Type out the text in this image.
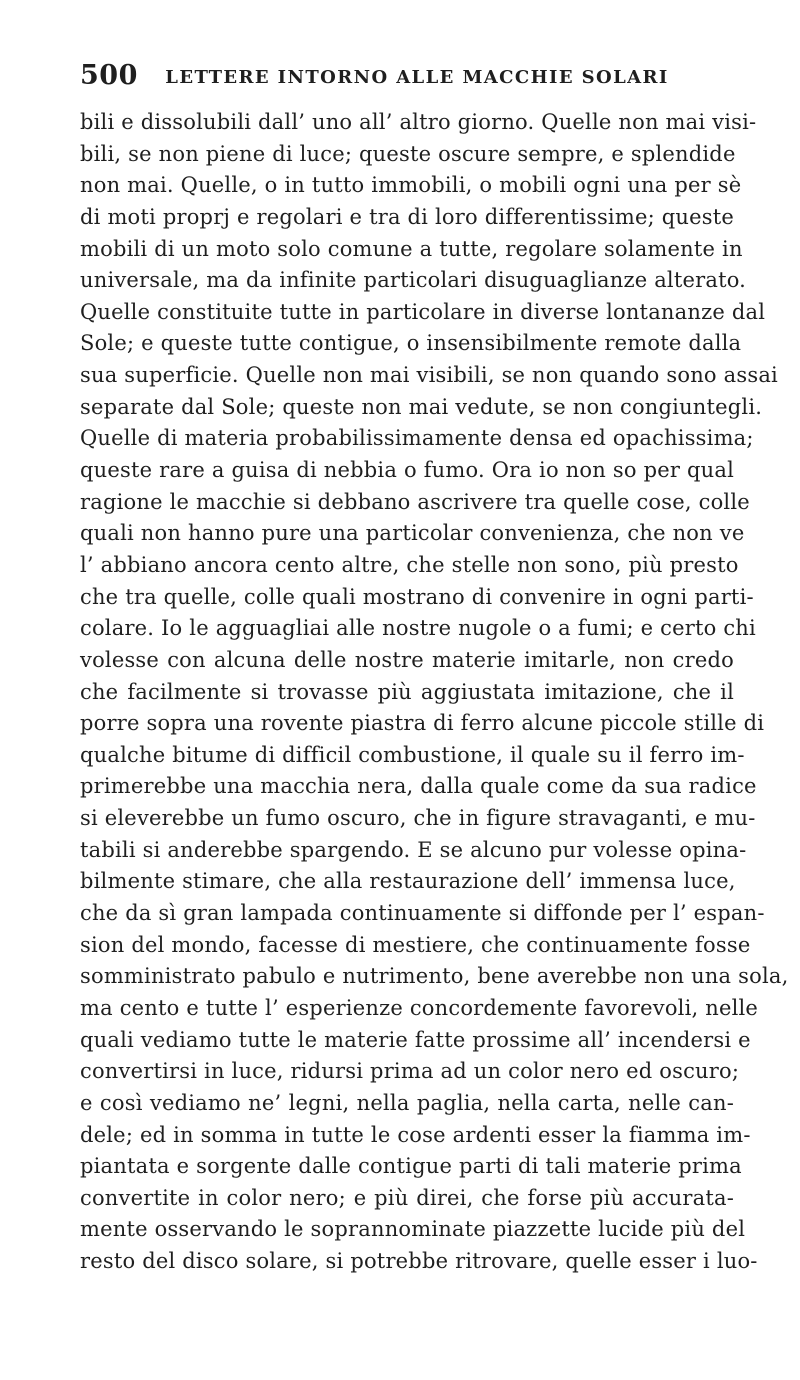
500	LETTERE INTORNO ALLE MACCHIE SOLARI
bili e dissolubili dall’ uno all’ altro giorno. Quelle non mai visi-
bili, se non piene di luce; queste oscure sempre, e splendide
non mai. Quelle, o in tutto immobili, o mobili ogni una per sè
di moti proprj e regolari e tra di loro differentissime; queste
mobili di un moto solo comune a tutte, regolare solamente in
universale, ma da infinite particolari disuguaglianze alterato.
Quelle constituite tutte in particolare in diverse lontananze dal
Sole; e queste tutte contigue, o insensibilmente remote dalla
sua superficie. Quelle non mai visibili, se non quando sono assai
separate dal Sole; queste non mai vedute, se non congiuntegli.
Quelle di materia probabilissimamente densa ed opachissima;
queste rare a guisa di nebbia o fumo. Ora io non so per qual
ragione le macchie si debbano ascrivere tra quelle cose, colle
quali non hanno pure una particolar convenienza, che non ve
l’ abbiano ancora cento altre, che stelle non sono, più presto
che tra quelle, colle quali mostrano di convenire in ogni parti-
colare. Io le agguagliai alle nostre nugole o a fumi; e certo chi
volesse con alcuna delle nostre materie imitarle, non credo
che facilmente si trovasse più aggiustata imitazione, che il
porre sopra una rovente piastra di ferro alcune piccole stille di
qualche bitume di difficil combustione, il quale su il ferro im-
primerebbe una macchia nera, dalla quale come da sua radice
si eleverebbe un fumo oscuro, che in figure stravaganti, e mu-
tabili si anderebbe spargendo. E se alcuno pur volesse opina-
bilmente stimare, che alla restaurazione dell’ immensa luce,
che da sì gran lampada continuamente si diffonde per l’ espan-
sion del mondo, facesse di mestiere, che continuamente fosse
somministrato pabulo e nutrimento, bene averebbe non una sola,
ma cento e tutte l’ esperienze concordemente favorevoli, nelle
quali vediamo tutte le materie fatte prossime all’ incendersi e
convertirsi in luce, ridursi prima ad un color nero ed oscuro;
e così vediamo ne’ legni, nella paglia, nella carta, nelle can-
dele; ed in somma in tutte le cose ardenti esser la fiamma im-
piantata e sorgente dalle contigue parti di tali materie prima
convertite in color nero; e più direi, che forse più accurata-
mente osservando le soprannominate piazzette lucide più del
resto del disco solare, si potrebbe ritrovare, quelle esser i luo-
